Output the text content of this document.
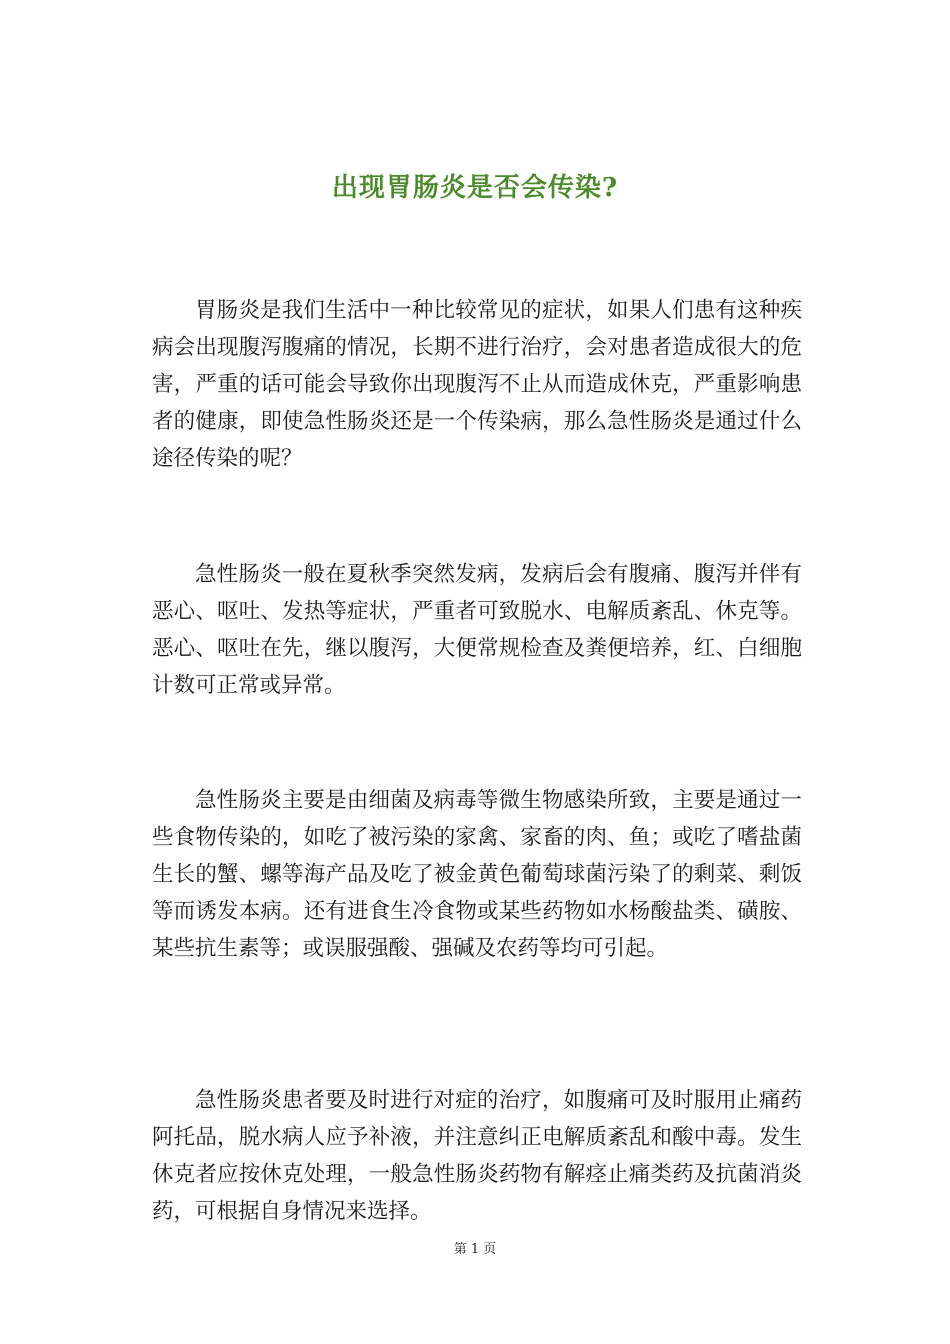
出现胃肠炎是否会传染?

胃肠炎是我们生活中一种比较常见的症状，如果人们患有这种疾病会出现腹泻腹痛的情况，长期不进行治疗，会对患者造成很大的危害，严重的话可能会导致你出现腹泻不止从而造成休克，严重影响患者的健康，即使急性肠炎还是一个传染病，那么急性肠炎是通过什么途径传染的呢？

急性肠炎一般在夏秋季突然发病，发病后会有腹痛、腹泻并伴有恶心、呕吐、发热等症状，严重者可致脱水、电解质紊乱、休克等。恶心、呕吐在先，继以腹泻，大便常规检查及粪便培养，红、白细胞计数可正常或异常。

急性肠炎主要是由细菌及病毒等微生物感染所致，主要是通过一些食物传染的，如吃了被污染的家禽、家畜的肉、鱼；或吃了嗜盐菌生长的蟹、螺等海产品及吃了被金黄色葡萄球菌污染了的剩菜、剩饭等而诱发本病。还有进食生冷食物或某些药物如水杨酸盐类、磺胺、某些抗生素等；或误服强酸、强碱及农药等均可引起。

急性肠炎患者要及时进行对症的治疗，如腹痛可及时服用止痛药阿托品，脱水病人应予补液，并注意纠正电解质紊乱和酸中毒。发生休克者应按休克处理，一般急性肠炎药物有解痉止痛类药及抗菌消炎药，可根据自身情况来选择。

第 1 页
